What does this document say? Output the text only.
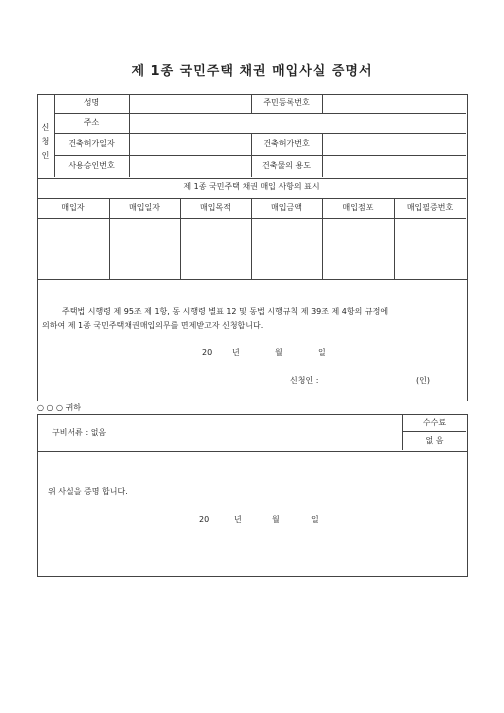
제 1종 국민주택 채권 매입사실 증명서
신
청
인
성명	주민등록번호
주소
건축허가일자	건축허가번호
사용승인번호	건축물의 용도
제 1종 국민주택 채권 매입 사항의 표시
매입자	매입일자	매입목적	매입금액	매입점포	매입필증번호
주택법 시행령 제 95조 제 1항, 동 시행령 별표 12 및 동법 시행규칙 제 39조 제 4항의 규정에
의하여 제 1종 국민주택채권매입의무를 면제받고자 신청합니다.
20 년	월	일
신청인 :	(인)
○ ○ ○ 귀하
구비서류 : 없음
수수료
없 음
위 사실을 증명 합니다.
20	년	월	일
